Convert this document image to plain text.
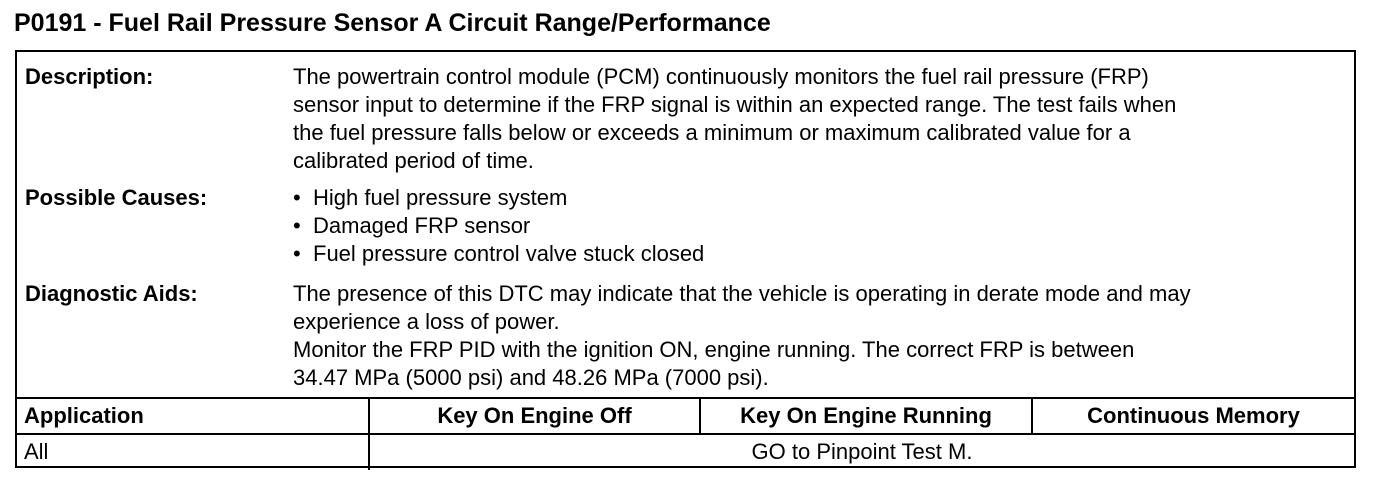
P0191 - Fuel Rail Pressure Sensor A Circuit Range/Performance
Description:	The powertrain control module (PCM) continuously monitors the fuel rail pressure (FRP)
sensor input to determine if the FRP signal is within an expected range. The test fails when
the fuel pressure falls below or exceeds a minimum or maximum calibrated value for a
calibrated period of time.
Possible Causes:	• High fuel pressure system
• Damaged FRP sensor
• Fuel pressure control valve stuck closed
Diagnostic Aids:	The presence of this DTC may indicate that the vehicle is operating in derate mode and may
experience a loss of power.
Monitor the FRP PID with the ignition ON, engine running. The correct FRP is between
34.47 MPa (5000 psi) and 48.26 MPa (7000 psi).
Application	Key On Engine Off	Key On Engine Running	Continuous Memory
All	GO to Pinpoint Test M.
